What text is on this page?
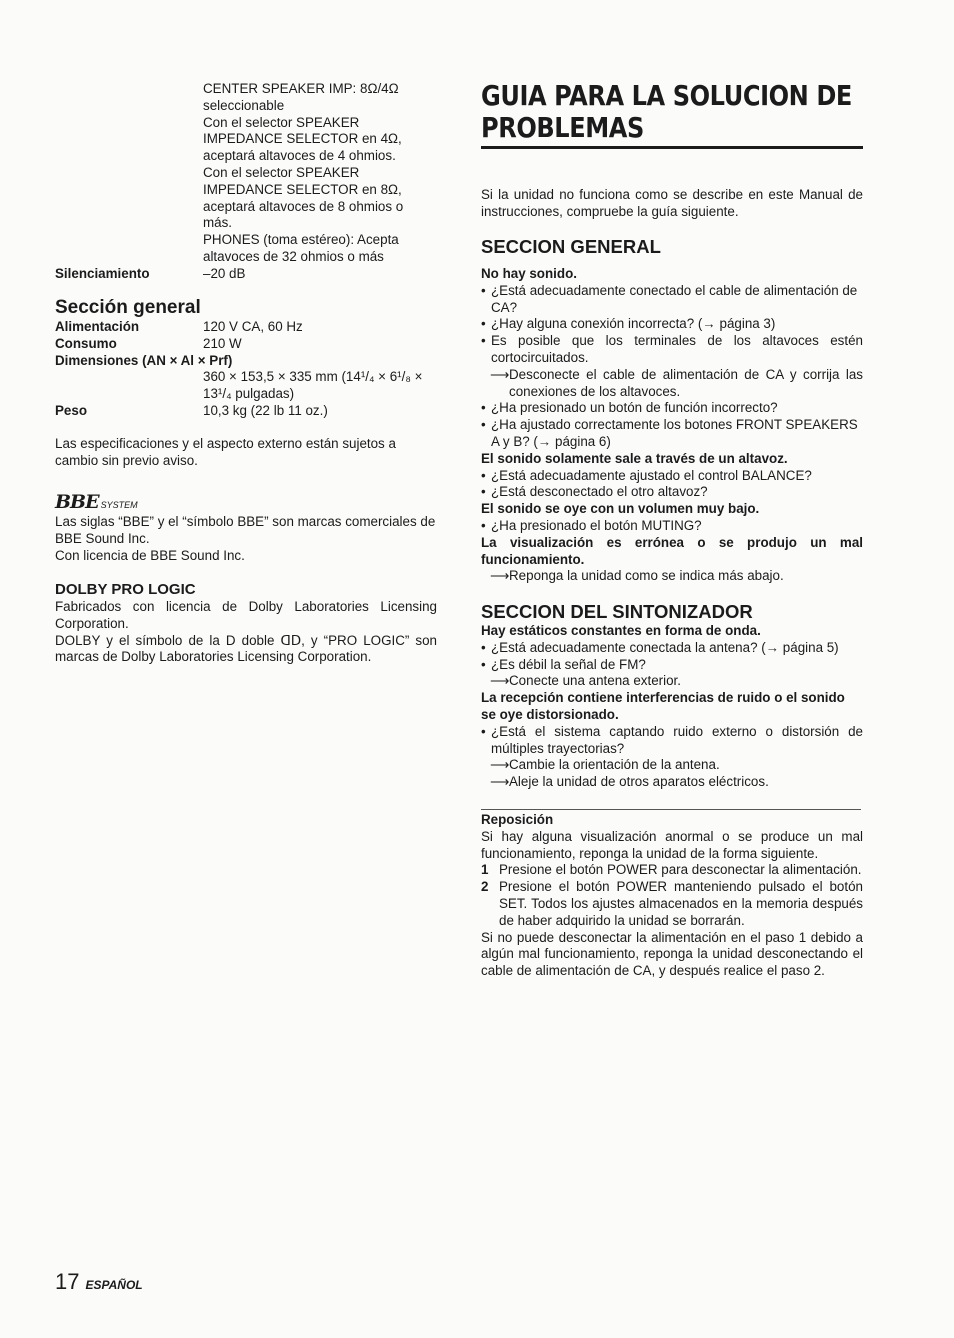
CENTER SPEAKER IMP: 8Ω/4Ω

seleccionable

Con el selector SPEAKER

IMPEDANCE SELECTOR en 4Ω,

aceptará altavoces de 4 ohmios.

Con el selector SPEAKER

IMPEDANCE SELECTOR en 8Ω,

aceptará altavoces de 8 ohmios o

más.

PHONES (toma estéreo): Acepta

altavoces de 32 ohmios o más

Silenciamiento	–20 dB
Sección general
Alimentación	120 V CA, 60 Hz
Consumo	210 W
Dimensiones (AN × Al × Prf)
360 × 153,5 × 335 mm (14¹/₄ × 6¹/₈ ×
13¹/₄ pulgadas)
Peso	10,3 kg (22 lb 11 oz.)

Las especificaciones y el aspecto externo están sujetos a cambio sin previo aviso.

BBE SYSTEM

Las siglas “BBE” y el “símbolo BBE” son marcas comerciales de BBE Sound Inc.

Con licencia de BBE Sound Inc.

DOLBY PRO LOGIC

Fabricados con licencia de Dolby Laboratories Licensing Corporation.

DOLBY y el símbolo de la D doble ᗡᗞ, y “PRO LOGIC” son marcas de Dolby Laboratories Licensing Corporation.

GUIA PARA LA SOLUCION DE
PROBLEMAS

Si la unidad no funciona como se describe en este Manual de instrucciones, compruebe la guía siguiente.

SECCION GENERAL

No hay sonido.

• ¿Está adecuadamente conectado el cable de alimentación de CA?

• ¿Hay alguna conexión incorrecta? (→ página 3)

• Es posible que los terminales de los altavoces estén cortocircuitados.

⟶ Desconecte el cable de alimentación de CA y corrija las conexiones de los altavoces.

• ¿Ha presionado un botón de función incorrecto?

• ¿Ha ajustado correctamente los botones FRONT SPEAKERS A y B? (→ página 6)

El sonido solamente sale a través de un altavoz.

• ¿Está adecuadamente ajustado el control BALANCE?

• ¿Está desconectado el otro altavoz?

El sonido se oye con un volumen muy bajo.

• ¿Ha presionado el botón MUTING?

La visualización es errónea o se produjo un mal funcionamiento.

⟶ Reponga la unidad como se indica más abajo.

SECCION DEL SINTONIZADOR

Hay estáticos constantes en forma de onda.

• ¿Está adecuadamente conectada la antena? (→ página 5)

• ¿Es débil la señal de FM?

⟶ Conecte una antena exterior.

La recepción contiene interferencias de ruido o el sonido se oye distorsionado.

• ¿Está el sistema captando ruido externo o distorsión de múltiples trayectorias?

⟶ Cambie la orientación de la antena.

⟶ Aleje la unidad de otros aparatos eléctricos.

Reposición

Si hay alguna visualización anormal o se produce un mal funcionamiento, reponga la unidad de la forma siguiente.

1 Presione el botón POWER para desconectar la alimentación.

2 Presione el botón POWER manteniendo pulsado el botón SET. Todos los ajustes almacenados en la memoria después de haber adquirido la unidad se borrarán.

Si no puede desconectar la alimentación en el paso 1 debido a algún mal funcionamiento, reponga la unidad desconectando el cable de alimentación de CA, y después realice el paso 2.

17 ESPAÑOL
